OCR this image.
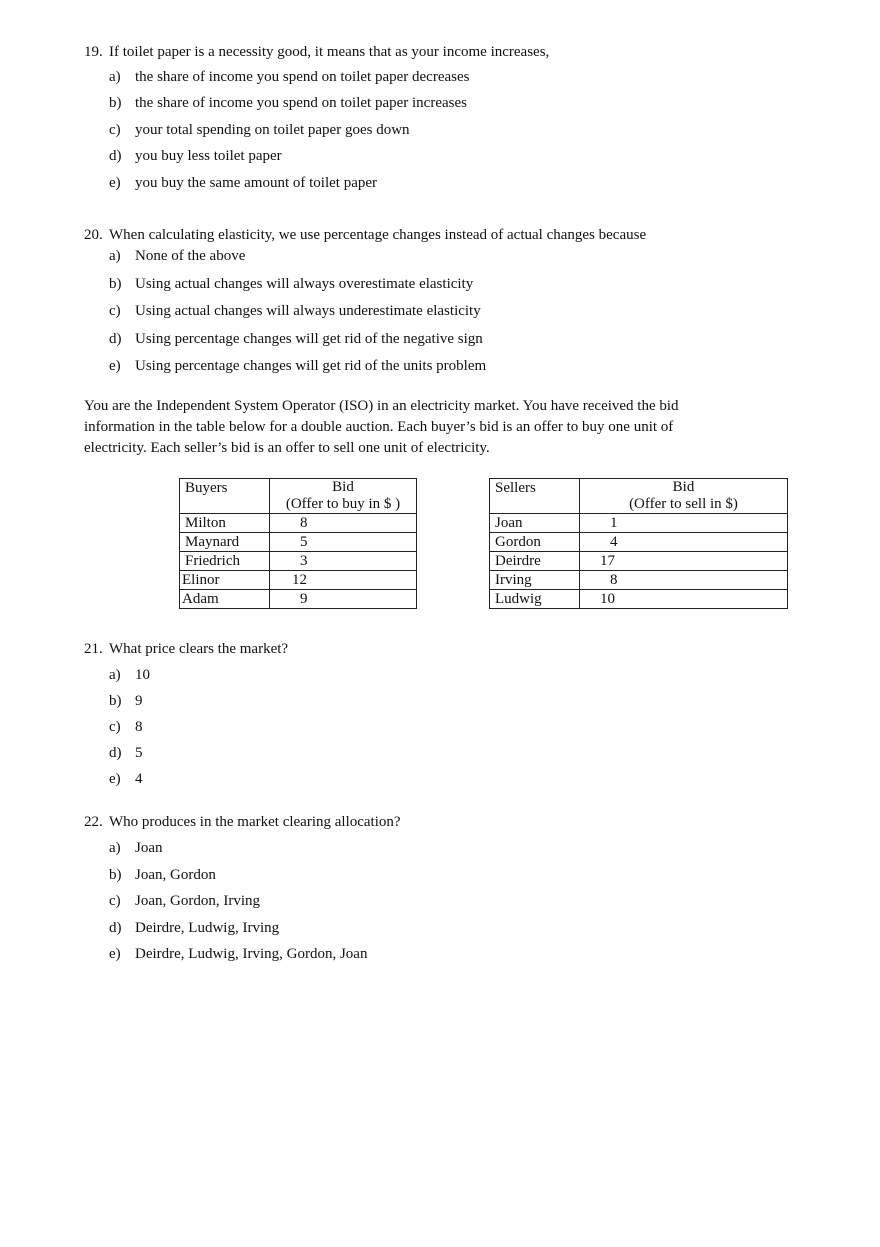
19. If toilet paper is a necessity good, it means that as your income increases,
a) the share of income you spend on toilet paper decreases
b) the share of income you spend on toilet paper increases
c) your total spending on toilet paper goes down
d) you buy less toilet paper
e) you buy the same amount of toilet paper
20. When calculating elasticity, we use percentage changes instead of actual changes because
a) None of the above
b) Using actual changes will always overestimate elasticity
c) Using actual changes will always underestimate elasticity
d) Using percentage changes will get rid of the negative sign
e) Using percentage changes will get rid of the units problem
You are the Independent System Operator (ISO) in an electricity market. You have received the bid
information in the table below for a double auction. Each buyer’s bid is an offer to buy one unit of
electricity. Each seller’s bid is an offer to sell one unit of electricity.
Buyers	Bid
(Offer to buy in $ )

Milton	8
Maynard	5
Friedrich	3
Elinor	12
Adam	9
Sellers	Bid
(Offer to sell in $)

Joan	1
Gordon	4
Deirdre	17
Irving	8
Ludwig	10
21. What price clears the market?
a) 10
b) 9
c) 8
d) 5
e) 4
22. Who produces in the market clearing allocation?
a) Joan
b) Joan, Gordon
c) Joan, Gordon, Irving
d) Deirdre, Ludwig, Irving
e) Deirdre, Ludwig, Irving, Gordon, Joan
